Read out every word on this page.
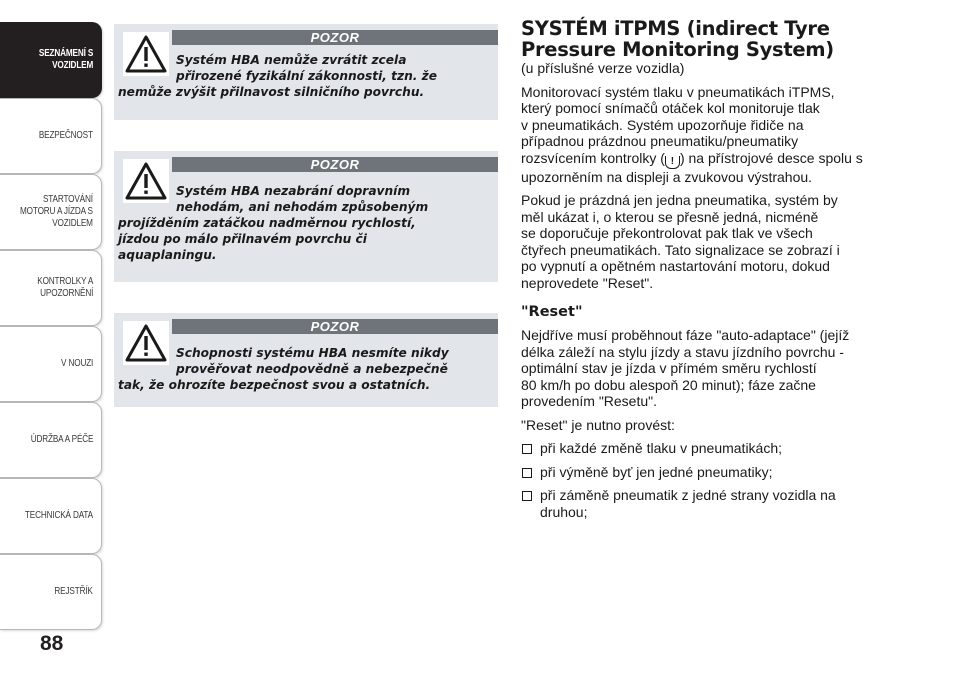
SEZNÁMENÍ S
VOZIDLEM
BEZPEČNOST
STARTOVÁNÍ
MOTORU A JÍZDA S
VOZIDLEM
KONTROLKY A
UPOZORNĚNÍ
V NOUZI
ÚDRŽBA A PÉČE
TECHNICKÁ DATA
REJSTŘÍK
88
POZOR
Systém HBA nemůže zvrátit zcela
přirozené fyzikální zákonnosti, tzn. že
nemůže zvýšit přilnavost silničního povrchu.
POZOR
Systém HBA nezabrání dopravním
nehodám, ani nehodám způsobeným
projížděním zatáčkou nadměrnou rychlostí,
jízdou po málo přilnavém povrchu či
aquaplaningu.
POZOR
Schopnosti systému HBA nesmíte nikdy
prověřovat neodpovědně a nebezpečně
tak, že ohrozíte bezpečnost svou a ostatních.
SYSTÉM iTPMS (indirect Tyre
Pressure Monitoring System)

(u příslušné verze vozidla)

Monitorovací systém tlaku v pneumatikách iTPMS,
který pomocí snímačů otáček kol monitoruje tlak
v pneumatikách. Systém upozorňuje řidiče na
případnou prázdnou pneumatiku/pneumatiky
rozsvícením kontrolky ( ! ) na přístrojové desce spolu s
upozorněním na displeji a zvukovou výstrahou.

Pokud je prázdná jen jedna pneumatika, systém by
měl ukázat i, o kterou se přesně jedná, nicméně
se doporučuje překontrolovat pak tlak ve všech
čtyřech pneumatikách. Tato signalizace se zobrazí i
po vypnutí a opětném nastartování motoru, dokud
neprovedete "Reset".

"Reset"

Nejdříve musí proběhnout fáze "auto-adaptace" (jejíž
délka záleží na stylu jízdy a stavu jízdního povrchu -
optimální stav je jízda v přímém směru rychlostí
80 km/h po dobu alespoň 20 minut); fáze začne
provedením "Resetu".

"Reset" je nutno provést:

při každé změně tlaku v pneumatikách;
při výměně byť jen jedné pneumatiky;
při záměně pneumatik z jedné strany vozidla na
druhou;
